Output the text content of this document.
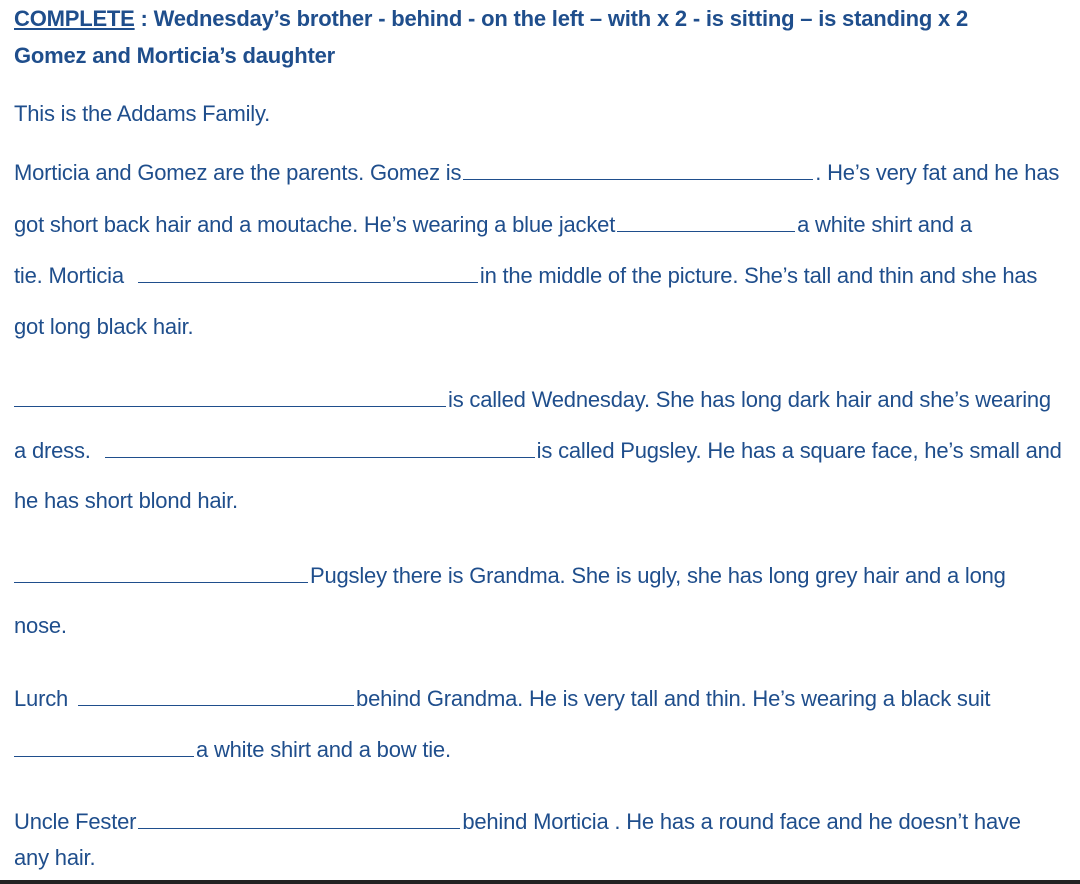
COMPLETE : Wednesday’s brother - behind - on the left – with x 2 - is sitting – is standing x 2
Gomez and Morticia’s daughter
This is the Addams Family.
Morticia and Gomez are the parents. Gomez is	. He’s very fat and he has
got short back hair and a moutache. He’s wearing a blue jacket	a white shirt and a
tie. Morticia	in the middle of the picture. She’s tall and thin and she has
got long black hair.
is called Wednesday. She has long dark hair and she’s wearing
a dress.	is called Pugsley. He has a square face, he’s small and
he has short blond hair.
Pugsley there is Grandma. She is ugly, she has long grey hair and a long
nose.
Lurch	behind Grandma. He is very tall and thin. He’s wearing a black suit
a white shirt and a bow tie.
Uncle Fester	behind Morticia . He has a round face and he doesn’t have
any hair.
